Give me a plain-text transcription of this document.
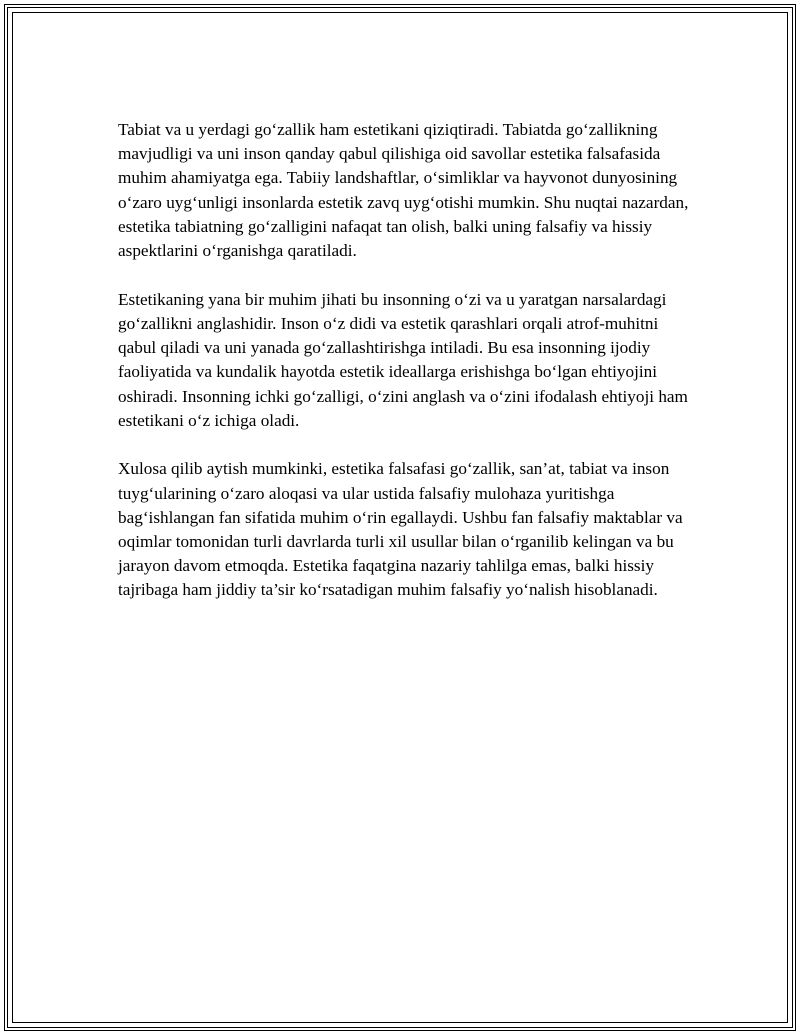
Tabiat va u yerdagi go‘zallik ham estetikani qiziqtiradi. Tabiatda go‘zallikning mavjudligi va uni inson qanday qabul qilishiga oid savollar estetika falsafasida muhim ahamiyatga ega. Tabiiy landshaftlar, o‘simliklar va hayvonot dunyosining o‘zaro uyg‘unligi insonlarda estetik zavq uyg‘otishi mumkin. Shu nuqtai nazardan, estetika tabiatning go‘zalligini nafaqat tan olish, balki uning falsafiy va hissiy aspektlarini o‘rganishga qaratiladi.

Estetikaning yana bir muhim jihati bu insonning o‘zi va u yaratgan narsalardagi go‘zallikni anglashidir. Inson o‘z didi va estetik qarashlari orqali atrof-muhitni qabul qiladi va uni yanada go‘zallashtirishga intiladi. Bu esa insonning ijodiy faoliyatida va kundalik hayotda estetik ideallarga erishishga bo‘lgan ehtiyojini oshiradi. Insonning ichki go‘zalligi, o‘zini anglash va o‘zini ifodalash ehtiyoji ham estetikani o‘z ichiga oladi.

Xulosa qilib aytish mumkinki, estetika falsafasi go‘zallik, san’at, tabiat va inson tuyg‘ularining o‘zaro aloqasi va ular ustida falsafiy mulohaza yuritishga bag‘ishlangan fan sifatida muhim o‘rin egallaydi. Ushbu fan falsafiy maktablar va oqimlar tomonidan turli davrlarda turli xil usullar bilan o‘rganilib kelingan va bu jarayon davom etmoqda. Estetika faqatgina nazariy tahlilga emas, balki hissiy tajribaga ham jiddiy ta’sir ko‘rsatadigan muhim falsafiy yo‘nalish hisoblanadi.
